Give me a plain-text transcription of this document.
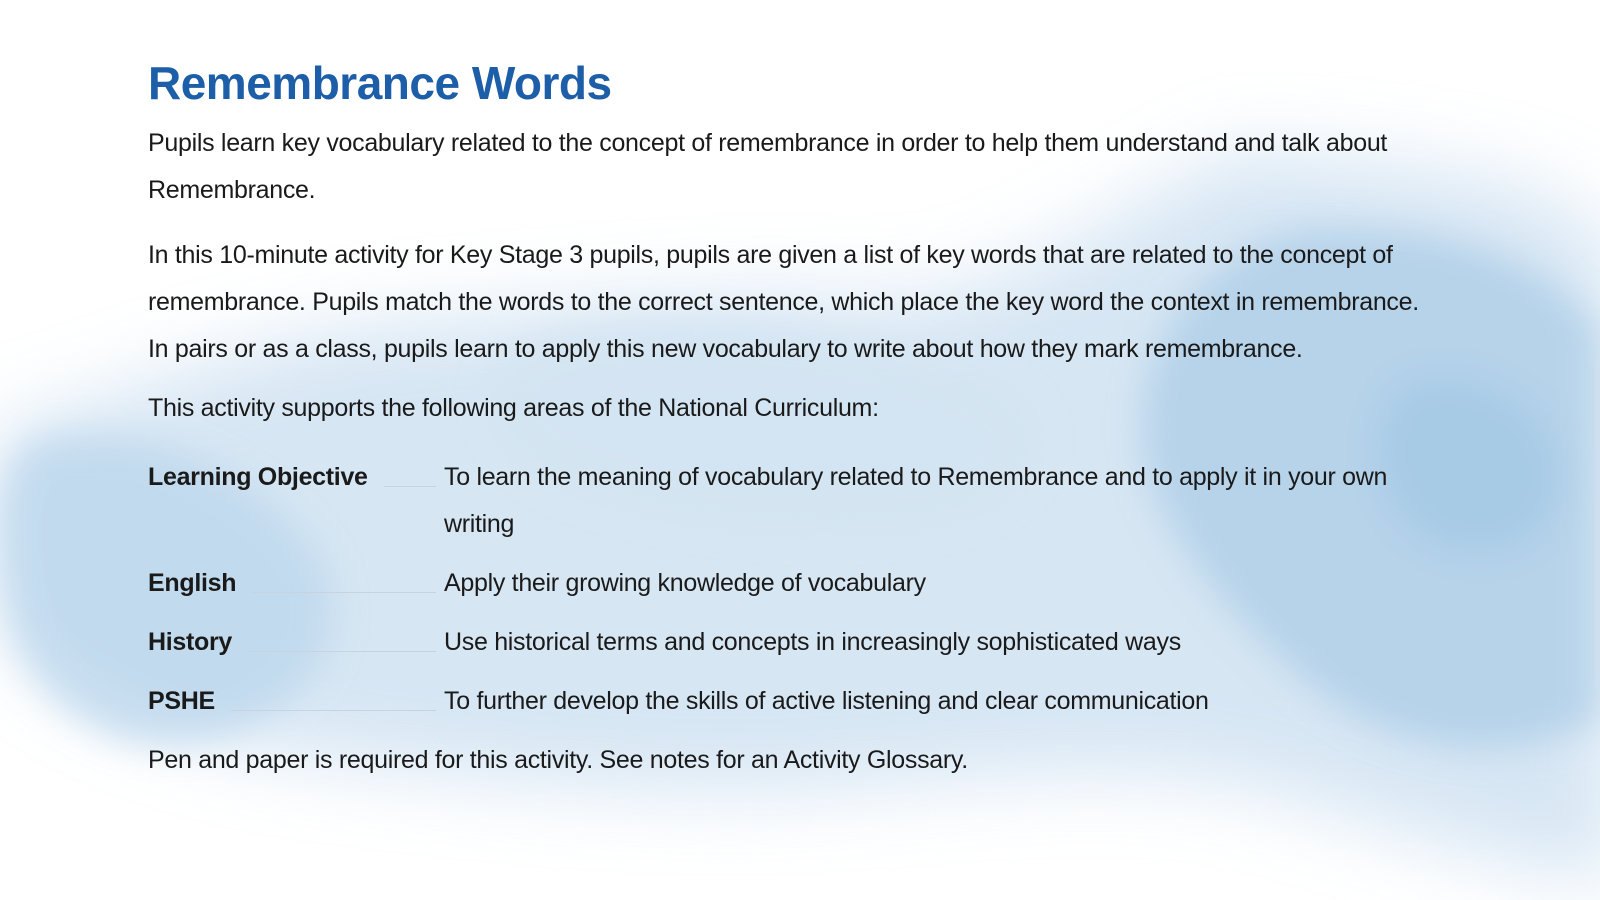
Remembrance Words

Pupils learn key vocabulary related to the concept of remembrance in order to help them understand and talk about Remembrance.

In this 10-minute activity for Key Stage 3 pupils, pupils are given a list of key words that are related to the concept of remembrance. Pupils match the words to the correct sentence, which place the key word the context in remembrance. In pairs or as a class, pupils learn to apply this new vocabulary to write about how they mark remembrance.

This activity supports the following areas of the National Curriculum:

Learning Objective	To learn the meaning of vocabulary related to Remembrance and to apply it in your own writing
English	Apply their growing knowledge of vocabulary
History	Use historical terms and concepts in increasingly sophisticated ways
PSHE	To further develop the skills of active listening and clear communication

Pen and paper is required for this activity. See notes for an Activity Glossary.
